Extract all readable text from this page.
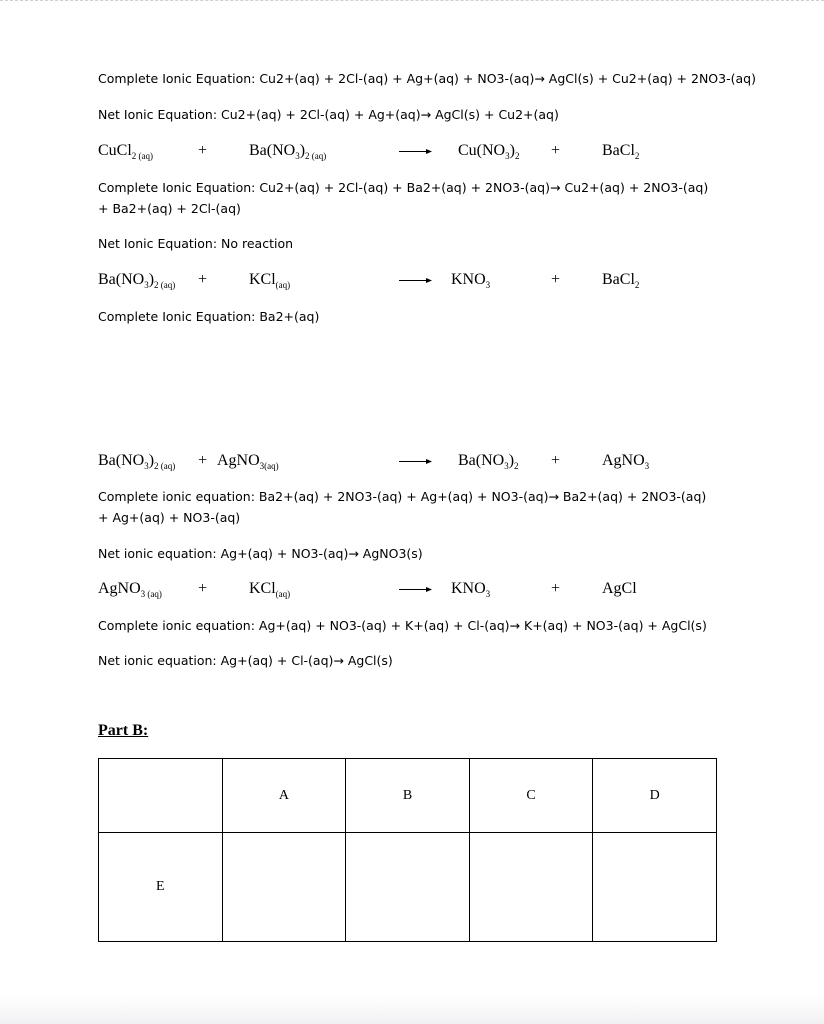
Complete Ionic Equation: Cu2+(aq) + 2Cl-(aq) + Ag+(aq) + NO3-(aq)→ AgCl(s) + Cu2+(aq) + 2NO3-(aq)
Net Ionic Equation: Cu2+(aq) + 2Cl-(aq) + Ag+(aq)→ AgCl(s) + Cu2+(aq)
CuCl$_2$ $_{(aq)}$	+	$Ba(NO_3)_2$ $_{(aq)}$	$Cu(NO_3)_2$ +	BaCl$_2$
Complete Ionic Equation: Cu2+(aq) + 2Cl-(aq) + Ba2+(aq) + 2NO3-(aq)→ Cu2+(aq) + 2NO3-(aq) + Ba2+(aq) + 2Cl-(aq)
Net Ionic Equation: No reaction
$Ba(NO_3)_2$ $_{(aq)}$ +	KCl$_{(aq)}$	→ $KNO_3$	+	BaCl$_2$
Complete Ionic Equation: Ba2+(aq)
$Ba(NO_3)_2$ $_{(aq)}$ + AgNO$_{3(aq)}$	$Ba(NO_3)_2$ +	AgNO$_3$
Complete ionic equation: Ba2+(aq) + 2NO3-(aq) + Ag+(aq) + NO3-(aq)→ Ba2+(aq) + 2NO3-(aq) + Ag+(aq) + NO3-(aq)
Net ionic equation: Ag+(aq) + NO3-(aq)→ AgNO3(s)
AgNO$_3$ $_{(aq)}$ +	KCl$_{(aq)}$	→ $KNO_3$	+	AgCl
Complete ionic equation: Ag+(aq) + NO3-(aq) + K+(aq) + Cl-(aq)→ K+(aq) + NO3-(aq) + AgCl(s)
Net ionic equation: Ag+(aq) + Cl-(aq)→ AgCl(s)
Part B:
	A	B	C	D
E				
